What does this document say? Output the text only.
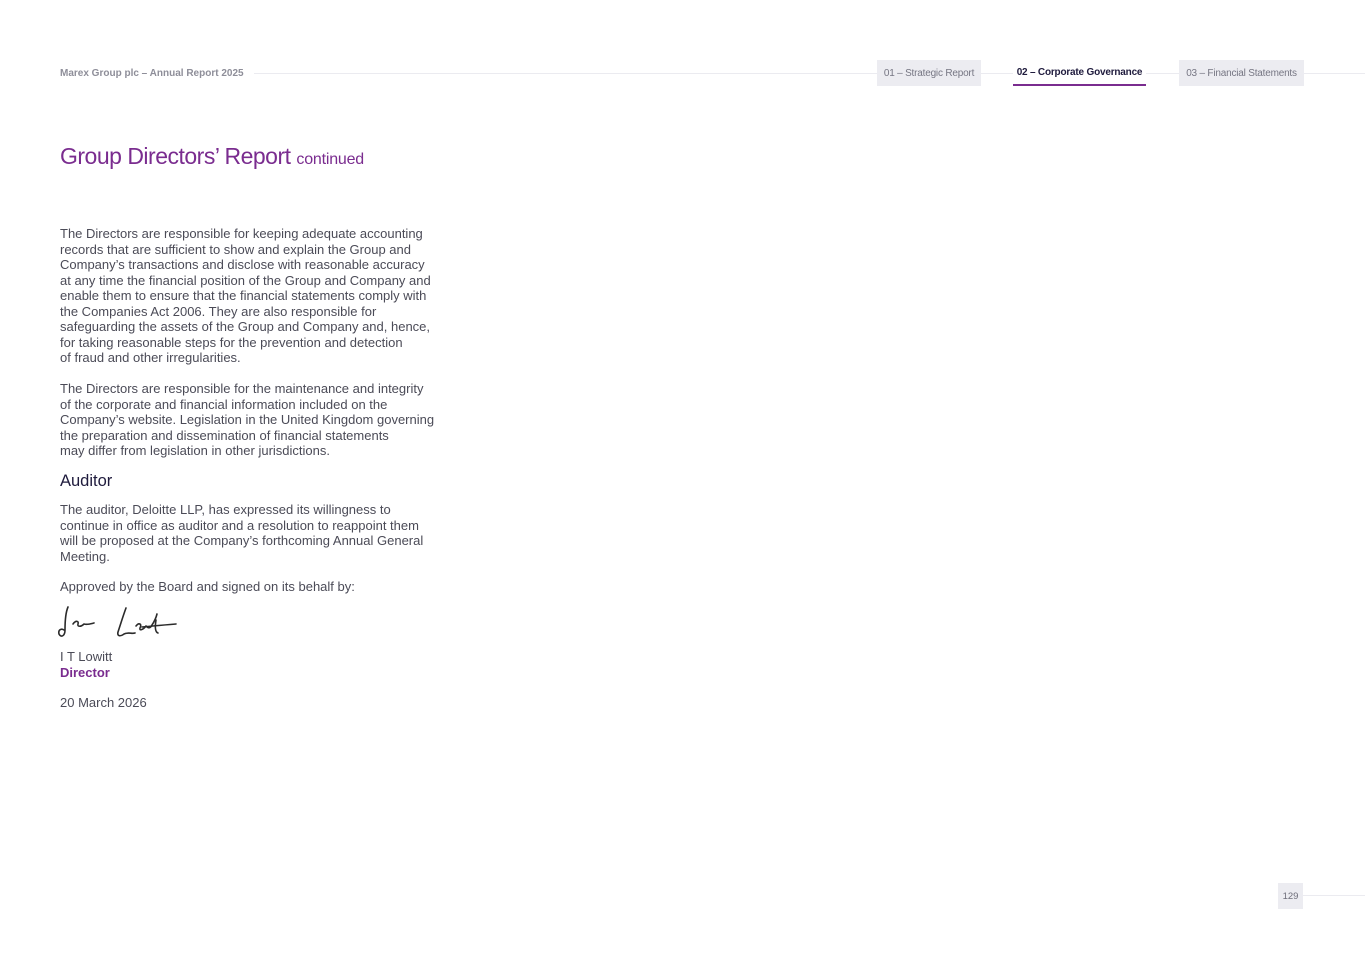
Marex Group plc – Annual Report 2025	01 – Strategic Report	02 – Corporate Governance	03 – Financial Statements
Group Directors’ Report continued

The Directors are responsible for keeping adequate accounting
records that are sufficient to show and explain the Group and
Company’s transactions and disclose with reasonable accuracy
at any time the financial position of the Group and Company and
enable them to ensure that the financial statements comply with
the Companies Act 2006. They are also responsible for
safeguarding the assets of the Group and Company and, hence,
for taking reasonable steps for the prevention and detection
of fraud and other irregularities.

The Directors are responsible for the maintenance and integrity
of the corporate and financial information included on the
Company’s website. Legislation in the United Kingdom governing
the preparation and dissemination of financial statements
may differ from legislation in other jurisdictions.

Auditor

The auditor, Deloitte LLP, has expressed its willingness to
continue in office as auditor and a resolution to reappoint them
will be proposed at the Company’s forthcoming Annual General
Meeting.

Approved by the Board and signed on its behalf by:

I T Lowitt
Director
20 March 2026
129
